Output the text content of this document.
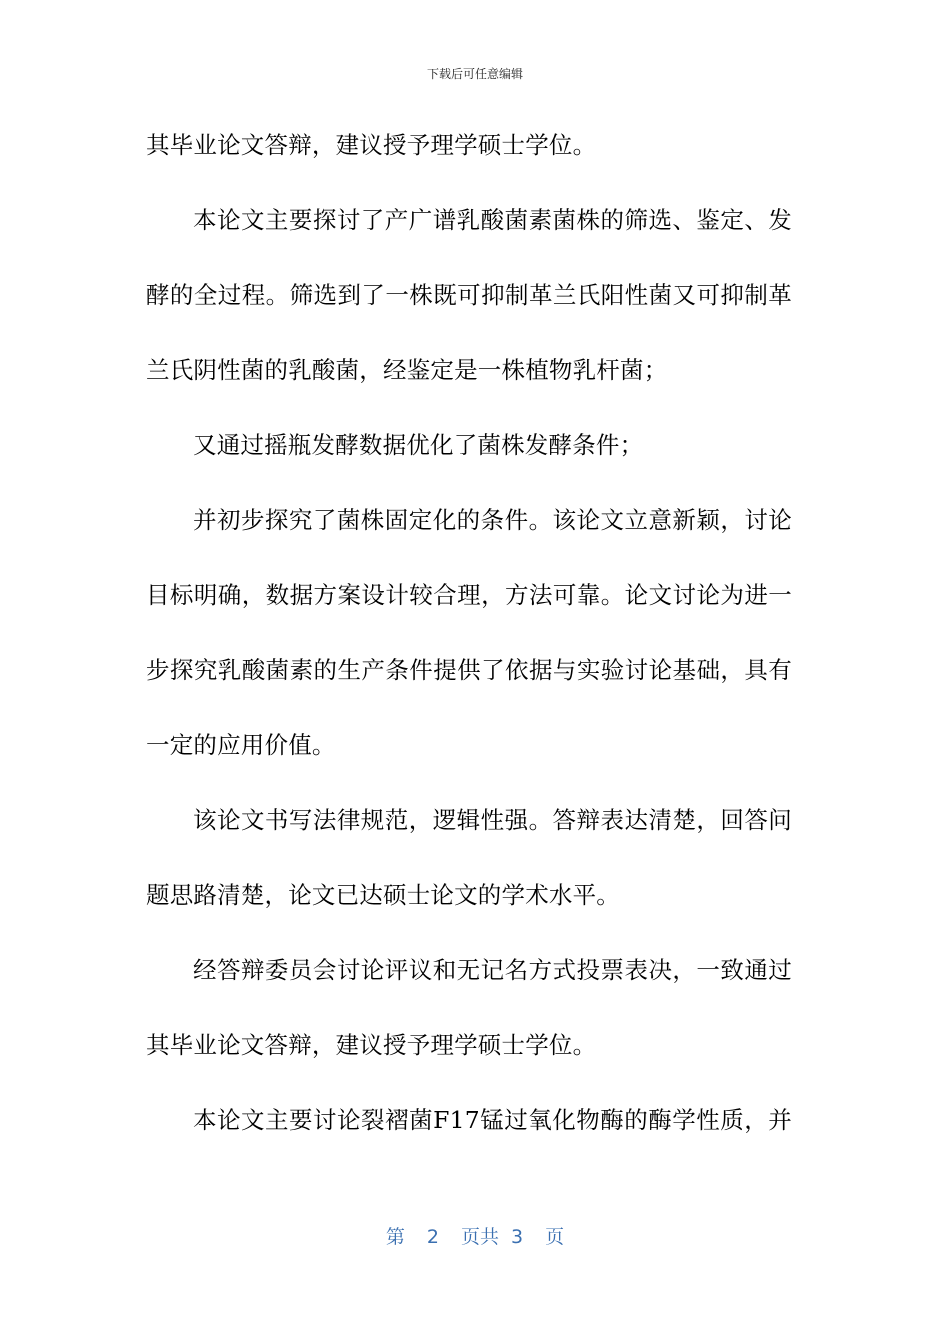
下载后可任意编辑
其毕业论文答辩，建议授予理学硕士学位。
本论文主要探讨了产广谱乳酸菌素菌株的筛选、鉴定、发
酵的全过程。筛选到了一株既可抑制革兰氏阳性菌又可抑制革
兰氏阴性菌的乳酸菌，经鉴定是一株植物乳杆菌；
又通过摇瓶发酵数据优化了菌株发酵条件；
并初步探究了菌株固定化的条件。该论文立意新颖，讨论
目标明确，数据方案设计较合理，方法可靠。论文讨论为进一
步探究乳酸菌素的生产条件提供了依据与实验讨论基础，具有
一定的应用价值。
该论文书写法律规范，逻辑性强。答辩表达清楚，回答问
题思路清楚，论文已达硕士论文的学术水平。
经答辩委员会讨论评议和无记名方式投票表决，一致通过
其毕业论文答辩，建议授予理学硕士学位。
本论文主要讨论裂褶菌F17锰过氧化物酶的酶学性质，并
第 2 页共 3 页
